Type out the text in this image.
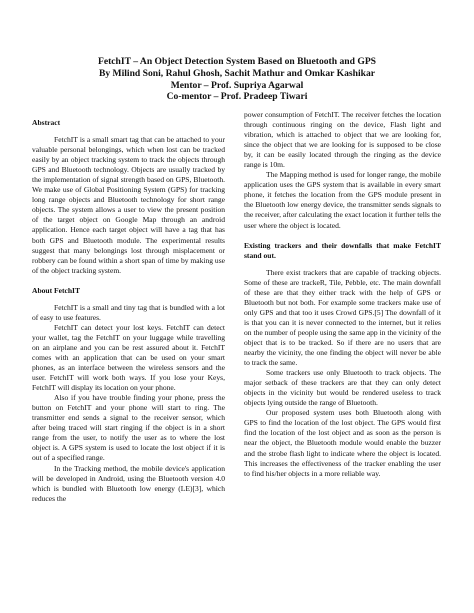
FetchIT – An Object Detection System Based on Bluetooth and GPS
By Milind Soni, Rahul Ghosh, Sachit Mathur and Omkar Kashikar
Mentor – Prof. Supriya Agarwal
Co-mentor – Prof. Pradeep Tiwari

Abstract

FetchIT is a small smart tag that can be attached to your valuable personal belongings, which when lost can be tracked easily by an object tracking system to track the objects through GPS and Bluetooth technology. Objects are usually tracked by the implementation of signal strength based on GPS, Bluetooth. We make use of Global Positioning System (GPS) for tracking long range objects and Bluetooth technology for short range objects. The system allows a user to view the present position of the target object on Google Map through an android application. Hence each target object will have a tag that has both GPS and Bluetooth module. The experimental results suggest that many belongings lost through misplacement or robbery can be found within a short span of time by making use of the object tracking system.

About FetchIT

FetchIT is a small and tiny tag that is bundled with a lot of easy to use features.

FetchIT can detect your lost keys. FetchIT can detect your wallet, tag the FetchIT on your luggage while travelling on an airplane and you can be rest assured about it. FetchIT comes with an application that can be used on your smart phones, as an interface between the wireless sensors and the user. FetchIT will work both ways. If you lose your Keys, FetchIT will display its location on your phone.

Also if you have trouble finding your phone, press the button on FetchIT and your phone will start to ring. The transmitter end sends a signal to the receiver sensor, which after being traced will start ringing if the object is in a short range from the user, to notify the user as to where the lost object is. A GPS system is used to locate the lost object if it is out of a specified range.

In the Tracking method, the mobile device's application will be developed in Android, using the Bluetooth version 4.0 which is bundled with Bluetooth low energy (LE)[3], which reduces the

power consumption of FetchIT. The receiver fetches the location through continuous ringing on the device, Flash light and vibration, which is attached to object that we are looking for, since the object that we are looking for is supposed to be close by, it can be easily located through the ringing as the device range is 10m.

The Mapping method is used for longer range, the mobile application uses the GPS system that is available in every smart phone, it fetches the location from the GPS module present in the Bluetooth low energy device, the transmitter sends signals to the receiver, after calculating the exact location it further tells the user where the object is located.

Existing trackers and their downfalls that make FetchIT stand out.

There exist trackers that are capable of tracking objects. Some of these are trackeR, Tile, Pebble, etc. The main downfall of these are that they either track with the help of GPS or Bluetooth but not both. For example some trackers make use of only GPS and that too it uses Crowd GPS.[5] The downfall of it is that you can it is never connected to the internet, but it relies on the number of people using the same app in the vicinity of the object that is to be tracked. So if there are no users that are nearby the vicinity, the one finding the object will never be able to track the same.

Some trackers use only Bluetooth to track objects. The major setback of these trackers are that they can only detect objects in the vicinity but would be rendered useless to track objects lying outside the range of Bluetooth.

Our proposed system uses both Bluetooth along with GPS to find the location of the lost object. The GPS would first find the location of the lost object and as soon as the person is near the object, the Bluetooth module would enable the buzzer and the strobe flash light to indicate where the object is located. This increases the effectiveness of the tracker enabling the user to find his/her objects in a more reliable way.
